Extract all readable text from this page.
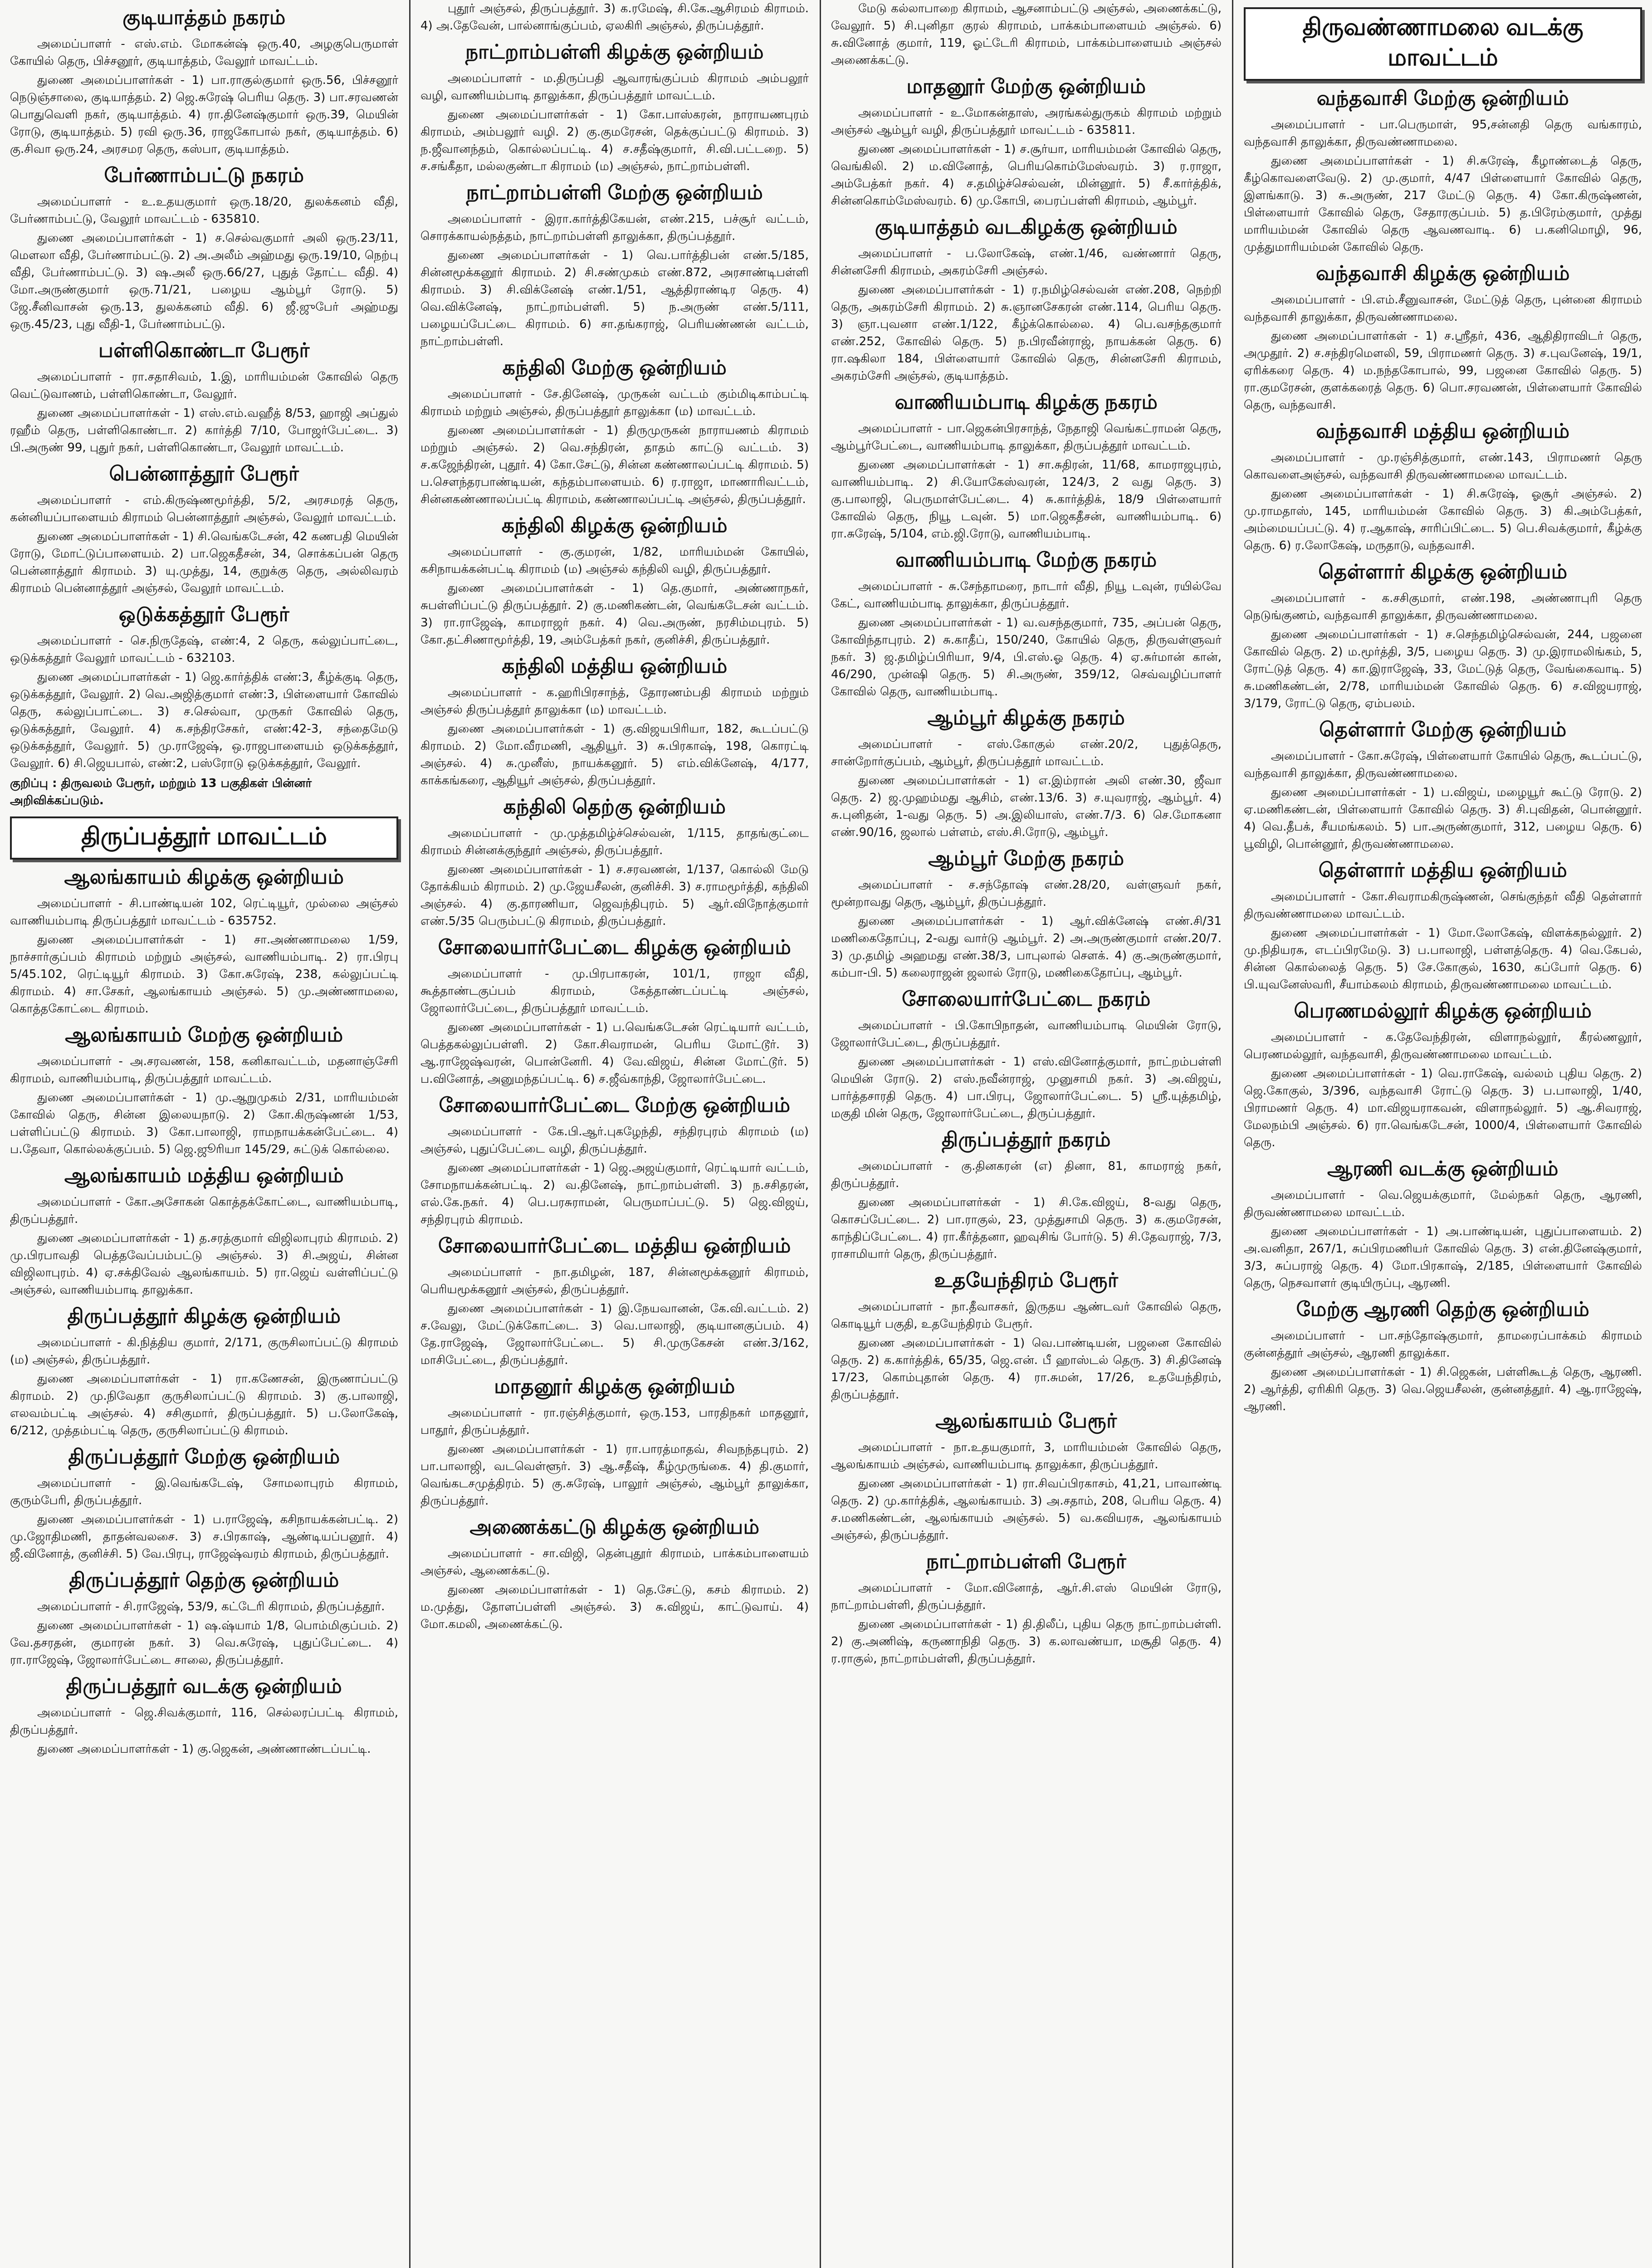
குடியாத்தம் நகரம்

அமைப்பாளர் - எஸ்.எம். மோகன்ஷ் ஒரு.40, அழகுபெருமாள் கோயில் தெரு, பிச்சனூர், குடியாத்தம், வேலூர் மாவட்டம்.

துணை அமைப்பாளர்கள் - 1) பா.ராகுல்குமார் ஒரு.56, பிச்சனூர் நெடுஞ்சாலை, குடியாத்தம். 2) ஜெ.சுரேஷ் பெரிய தெரு. 3) பா.சரவணன் பொதுவெளி நகர், குடியாத்தம். 4) ரா.தினேஷ்குமார் ஒரு.39, மெயின் ரோடு, குடியாத்தம். 5) ரவி ஒரு.36, ராஜகோபால் நகர், குடியாத்தம். 6) கு.சிவா ஒரு.24, அரசமர தெரு, கஸ்பா, குடியாத்தம்.

பேர்ணாம்பட்டு நகரம்

அமைப்பாளர் - உ.உதயகுமார் ஒரு.18/20, துலக்கனம் வீதி, பேர்ணாம்பட்டு, வேலூர் மாவட்டம் - 635810.

துணை அமைப்பாளர்கள் - 1) ச.செல்வகுமார் அலி ஒரு.23/11, மௌலா வீதி, பேர்ணாம்பட்டு. 2) அ.அலீம் அஹ்மது ஒரு.19/10, நெற்பு வீதி, பேர்ணாம்பட்டு. 3) ஷ.அலீ ஒரு.66/27, புதுத் தோட்ட வீதி. 4) மோ.அருண்குமார் ஒரு.71/21, பழைய ஆம்பூர் ரோடு. 5) ஜே.சீனிவாசன் ஒரு.13, துலக்கனம் வீதி. 6) ஜீ.ஜுபேர் அஹ்மது ஒரு.45/23, புது வீதி-1, பேர்ணாம்பட்டு.

பள்ளிகொண்டா பேரூர்

அமைப்பாளர் - ரா.சதாசிவம், 1.இ, மாரியம்மன் கோவில் தெரு வெட்டுவாணம், பள்ளிகொண்டா, வேலூர்.

துணை அமைப்பாளர்கள் - 1) எஸ்.எம்.வஹீத் 8/53, ஹாஜி அப்துல் ரஹீம் தெரு, பள்ளிகொண்டா. 2) கார்த்தி 7/10, போஜர்பேட்டை. 3) பி.அருண் 99, புதுர் நகர், பள்ளிகொண்டா, வேலூர் மாவட்டம்.

பென்னாத்தூர் பேரூர்

அமைப்பாளர் - எம்.கிருஷ்ணமூர்த்தி, 5/2, அரசமரத் தெரு, கன்னியப்பாளையம் கிராமம் பென்னாத்தூர் அஞ்சல், வேலூர் மாவட்டம்.

துணை அமைப்பாளர்கள் - 1) சி.வெங்கடேசன், 42 கணபதி மெயின் ரோடு, மோட்டுப்பாளையம். 2) பா.ஜெகதீசன், 34, சொக்கப்பன் தெரு பென்னாத்தூர் கிராமம். 3) யு.முத்து, 14, குறுக்கு தெரு, அல்லிவரம் கிராமம் பென்னாத்தூர் அஞ்சல், வேலூர் மாவட்டம்.

ஒடுக்கத்தூர் பேரூர்

அமைப்பாளர் - செ.நிருதேஷ், எண்:4, 2 தெரு, கல்லுப்பாட்டை, ஒடுக்கத்தூர் வேலூர் மாவட்டம் - 632103.

துணை அமைப்பாளர்கள் - 1) ஜெ.கார்த்திக் எண்:3, கீழ்க்குடி தெரு, ஒடுக்கத்தூர், வேலூர். 2) வெ.அஜித்குமார் எண்:3, பிள்ளையார் கோவில் தெரு, கல்லுப்பாட்டை. 3) ச.செல்வா, முருகர் கோவில் தெரு, ஒடுக்கத்தூர், வேலூர். 4) க.சந்திரசேகர், எண்:42-3, சந்தைமேடு ஒடுக்கத்தூர், வேலூர். 5) மு.ராஜேஷ், ஒ.ராஜபாளையம் ஒடுக்கத்தூர், வேலூர். 6) சி.ஜெயபால், எண்:2, பஸ்ரோடு ஒடுக்கத்தூர், வேலூர்.

குறிப்பு : திருவலம் பேரூர், மற்றும் 13 பகுதிகள் பின்னர் அறிவிக்கப்படும்.
திருப்பத்தூர் மாவட்டம்
ஆலங்காயம் கிழக்கு ஒன்றியம்

அமைப்பாளர் - சி.பாண்டியன் 102, ரெட்டியூர், முல்லை அஞ்சல் வாணியம்பாடி திருப்பத்தூர் மாவட்டம் - 635752.

துணை அமைப்பாளர்கள் - 1) சா.அண்ணாமலை 1/59, நாச்சார்குப்பம் கிராமம் மற்றும் அஞ்சல், வாணியம்பாடி. 2) ரா.பிரபு 5/45.102, ரெட்டியூர் கிராமம். 3) கோ.சுரேஷ், 238, கல்லுப்பட்டி கிராமம். 4) சா.சேகர், ஆலங்காயம் அஞ்சல். 5) மு.அண்ணாமலை, கொத்தகோட்டை கிராமம்.

ஆலங்காயம் மேற்கு ஒன்றியம்

அமைப்பாளர் - அ.சரவணன், 158, கனிகாவட்டம், மதனாஞ்சேரி கிராமம், வாணியம்பாடி, திருப்பத்தூர் மாவட்டம்.

துணை அமைப்பாளர்கள் - 1) மு.ஆறுமுகம் 2/31, மாரியம்மன் கோவில் தெரு, சின்ன இலையநாடு. 2) கோ.கிருஷ்ணன் 1/53, பள்ளிப்பட்டு கிராமம். 3) கோ.பாலாஜி, ராமநாயக்கன்பேட்டை. 4) ப.தேவா, கொல்லக்குப்பம். 5) ஜெ.ஜூரியா 145/29, சுட்டுக் கொல்லை.

ஆலங்காயம் மத்திய ஒன்றியம்

அமைப்பாளர் - கோ.அசோகன் கொத்தக்கோட்டை, வாணியம்பாடி, திருப்பத்தூர்.

துணை அமைப்பாளர்கள் - 1) த.சரத்குமார் விஜிலாபுரம் கிராமம். 2) மு.பிரபாவதி பெத்தவேப்பம்பட்டு அஞ்சல். 3) சி.அஜய், சின்ன விஜிலாபுரம். 4) ஏ.சக்திவேல் ஆலங்காயம். 5) ரா.ஜெய் வள்ளிப்பட்டு அஞ்சல், வாணியம்பாடி தாலுக்கா.

திருப்பத்தூர் கிழக்கு ஒன்றியம்

அமைப்பாளர் - கி.நித்திய குமார், 2/171, குருசிலாப்பட்டு கிராமம் (ம) அஞ்சல், திருப்பத்தூர்.

துணை அமைப்பாளர்கள் - 1) ரா.கணேசன், இருணாப்பட்டு கிராமம். 2) மு.நிவேதா குருசிலாப்பட்டு கிராமம். 3) கு.பாலாஜி, எலவம்பட்டி அஞ்சல். 4) சசிகுமார், திருப்பத்தூர். 5) ப.லோகேஷ், 6/212, முத்தம்பட்டி தெரு, குருசிலாப்பட்டு கிராமம்.

திருப்பத்தூர் மேற்கு ஒன்றியம்

அமைப்பாளர் - இ.வெங்கடேஷ், சோமலாபுரம் கிராமம், குரும்பேரி, திருப்பத்தூர்.

துணை அமைப்பாளர்கள் - 1) ப.ராஜேஷ், கசிநாயக்கன்பட்டி. 2) மு.ஜோதிமணி, தாதன்வலசை. 3) ச.பிரகாஷ், ஆண்டியப்பனூர். 4) ஜீ.வினோத், குனிச்சி. 5) வே.பிரபு, ராஜேஷ்வரம் கிராமம், திருப்பத்தூர்.

திருப்பத்தூர் தெற்கு ஒன்றியம்

அமைப்பாளர் - சி.ராஜேஷ், 53/9, கட்டேரி கிராமம், திருப்பத்தூர்.

துணை அமைப்பாளர்கள் - 1) ஷ.ஷ்யாம் 1/8, பொம்மிகுப்பம். 2) வே.தசரதன், குமாரன் நகர். 3) வெ.சுரேஷ், புதுப்பேட்டை. 4) ரா.ராஜேஷ், ஜோலார்பேட்டை சாலை, திருப்பத்தூர்.

திருப்பத்தூர் வடக்கு ஒன்றியம்

அமைப்பாளர் - ஜெ.சிவக்குமார், 116, செல்லரப்பட்டி கிராமம், திருப்பத்தூர்.

துணை அமைப்பாளர்கள் - 1) கு.ஜெகன், அண்ணாண்டப்பட்டி.

புதூர் அஞ்சல், திருப்பத்தூர். 3) க.ரமேஷ், சி.கே.ஆசிரமம் கிராமம். 4) அ.தேவேன், பால்னாங்குப்பம், ஏலகிரி அஞ்சல், திருப்பத்தூர்.

நாட்றாம்பள்ளி கிழக்கு ஒன்றியம்

அமைப்பாளர் - ம.திருப்பதி ஆவாரங்குப்பம் கிராமம் அம்பலூர் வழி, வாணியம்பாடி தாலுக்கா, திருப்பத்தூர் மாவட்டம்.

துணை அமைப்பாளர்கள் - 1) கோ.பாஸ்கரன், நாராயணபுரம் கிராமம், அம்பலூர் வழி. 2) கு.குமரேசன், தெக்குப்பட்டு கிராமம். 3) ந.ஜீவானந்தம், கொல்லப்பட்டி. 4) ச.சதீஷ்குமார், சி.வி.பட்டறை. 5) ச.சங்கீதா, மல்லகுண்டா கிராமம் (ம) அஞ்சல், நாட்றாம்பள்ளி.

நாட்றாம்பள்ளி மேற்கு ஒன்றியம்

அமைப்பாளர் - இரா.கார்த்திகேயன், எண்.215, பச்சூர் வட்டம், சொரக்காயல்நத்தம், நாட்றாம்பள்ளி தாலுக்கா, திருப்பத்தூர்.

துணை அமைப்பாளர்கள் - 1) வெ.பார்த்திபன் எண்.5/185, சின்னமூக்கனூர் கிராமம். 2) சி.சண்முகம் எண்.872, அரசாண்டிபள்ளி கிராமம். 3) சி.விக்னேஷ் எண்.1/51, ஆத்திராண்டிர தெரு. 4) வெ.விக்னேஷ், நாட்றாம்பள்ளி. 5) ந.அருண் எண்.5/111, பழையப்பேட்டை கிராமம். 6) சா.தங்கராஜ், பெரியண்ணன் வட்டம், நாட்றாம்பள்ளி.

கந்திலி மேற்கு ஒன்றியம்

அமைப்பாளர் - சே.தினேஷ், முருகன் வட்டம் கும்மிடிகாம்பட்டி கிராமம் மற்றும் அஞ்சல், திருப்பத்தூர் தாலுக்கா (ம) மாவட்டம்.

துணை அமைப்பாளர்கள் - 1) திருமுருகன் நாராயணம் கிராமம் மற்றும் அஞ்சல். 2) வெ.சந்திரன், தாதம் காட்டு வட்டம். 3) ச.கஜேந்திரன், புதூர். 4) கோ.சேட்டு, சின்ன கண்ணாலப்பட்டி கிராமம். 5) ப.சௌந்தரபாண்டியன், கந்தம்பாளையம். 6) ர.ராஜா, மாணாரிவட்டம், சின்னகண்ணாலப்பட்டி கிராமம், கண்ணாலப்பட்டி அஞ்சல், திருப்பத்தூர்.

கந்திலி கிழக்கு ஒன்றியம்

அமைப்பாளர் - கு.குமரன், 1/82, மாரியம்மன் கோயில், கசிநாயக்கன்பட்டி கிராமம் (ம) அஞ்சல் கந்திலி வழி, திருப்பத்தூர்.

துணை அமைப்பாளர்கள் - 1) தெ.குமார், அண்ணாநகர், சுபள்ளிப்பட்டு திருப்பத்தூர். 2) கு.மணிகண்டன், வெங்கடேசன் வட்டம். 3) ரா.ராஜேஷ், காமராஜர் நகர். 4) வெ.அருண், நரசிம்மபுரம். 5) கோ.தட்சிணாமூர்த்தி, 19, அம்பேத்கர் நகர், குனிச்சி, திருப்பத்தூர்.

கந்திலி மத்திய ஒன்றியம்

அமைப்பாளர் - க.ஹரிபிரசாந்த், தோரணம்பதி கிராமம் மற்றும் அஞ்சல் திருப்பத்தூர் தாலுக்கா (ம) மாவட்டம்.

துணை அமைப்பாளர்கள் - 1) கு.விஜயபிரியா, 182, கூடப்பட்டு கிராமம். 2) மோ.வீரமணி, ஆதியூர். 3) சு.பிரகாஷ், 198, கொரட்டி அஞ்சல். 4) சு.முனீஸ், நாயக்கனூர். 5) எம்.விக்னேஷ், 4/177, காக்கங்கரை, ஆதியூர் அஞ்சல், திருப்பத்தூர்.

கந்திலி தெற்கு ஒன்றியம்

அமைப்பாளர் - மு.முத்தமிழ்ச்செல்வன், 1/115, தாதங்குட்டை கிராமம் சின்னக்குந்தூர் அஞ்சல், திருப்பத்தூர்.

துணை அமைப்பாளர்கள் - 1) ச.சரவணன், 1/137, கொல்லி மேடு தோக்கியம் கிராமம். 2) மு.ஜேயசீலன், குனிச்சி. 3) ச.ராமமூர்த்தி, கந்திலி அஞ்சல். 4) கு.தாரணியா, ஜெவந்திபுரம். 5) ஆர்.விநோத்குமார் எண்.5/35 பெரும்பட்டு கிராமம், திருப்பத்தூர்.

சோலையார்பேட்டை கிழக்கு ஒன்றியம்

அமைப்பாளர் - மு.பிரபாகரன், 101/1, ராஜா வீதி, கூத்தாண்டகுப்பம் கிராமம், கேத்தாண்டப்பட்டி அஞ்சல், ஜோலார்பேட்டை, திருப்பத்தூர் மாவட்டம்.

துணை அமைப்பாளர்கள் - 1) ப.வெங்கடேசன் ரெட்டியார் வட்டம், பெத்தகல்லுப்பள்ளி. 2) கோ.சிவராமன், பெரிய மோட்டூர். 3) ஆ.ராஜேஷ்வரன், பொன்னேரி. 4) வே.விஜய், சின்ன மோட்டூர். 5) ப.வினோத், அனுமந்தப்பட்டி. 6) ச.ஜீவ்காந்தி, ஜோலார்பேட்டை.

சோலையார்பேட்டை மேற்கு ஒன்றியம்

அமைப்பாளர் - கே.பி.ஆர்.புகழேந்தி, சந்திரபுரம் கிராமம் (ம) அஞ்சல், புதுப்பேட்டை வழி, திருப்பத்தூர்.

துணை அமைப்பாளர்கள் - 1) ஜெ.அஜய்குமார், ரெட்டியார் வட்டம், சோமநாயக்கன்பட்டி. 2) வ.தினேஷ், நாட்றாம்பள்ளி. 3) ந.சசிதரன், எல்.கே.நகர். 4) பெ.பரசுராமன், பெருமாப்பட்டு. 5) ஜெ.விஜய், சந்திரபுரம் கிராமம்.

சோலையார்பேட்டை மத்திய ஒன்றியம்

அமைப்பாளர் - நா.தமிழன், 187, சின்னமூக்கனூர் கிராமம், பெரியமூக்கனூர் அஞ்சல், திருப்பத்தூர்.

துணை அமைப்பாளர்கள் - 1) இ.நேயவானன், கே.வி.வட்டம். 2) ச.வேலு, மேட்டுக்கோட்டை. 3) வெ.பாலாஜி, குடியானகுப்பம். 4) தே.ராஜேஷ், ஜோலார்பேட்டை. 5) சி.முருகேசன் எண்.3/162, மாசிபேட்டை, திருப்பத்தூர்.

மாதனூர் கிழக்கு ஒன்றியம்

அமைப்பாளர் - ரா.ரஞ்சித்குமார், ஒரு.153, பாரதிநகர் மாதனூர், பாதூர், திருப்பத்தூர்.

துணை அமைப்பாளர்கள் - 1) ரா.பாரத்மாதவ், சிவநந்தபுரம். 2) பா.பாலாஜி, வடவெள்ளூர். 3) ஆ.சதீஷ், கீழ்முருங்கை. 4) தி.குமார், வெங்கடசமுத்திரம். 5) கு.சுரேஷ், பாலூர் அஞ்சல், ஆம்பூர் தாலுக்கா, திருப்பத்தூர்.

அணைக்கட்டு கிழக்கு ஒன்றியம்

அமைப்பாளர் - சா.விஜி, தென்புதூர் கிராமம், பாக்கம்பாளையம் அஞ்சல், ஆணைக்கட்டு.

துணை அமைப்பாளர்கள் - 1) தெ.சேட்டு, கசம் கிராமம். 2) ம.முத்து, தோளப்பள்ளி அஞ்சல். 3) சு.விஜய், காட்டுவாய். 4) மோ.கமலி, அணைக்கட்டு.

மேடு கல்லாபாறை கிராமம், ஆசனாம்பட்டு அஞ்சல், அணைக்கட்டு, வேலூர். 5) சி.புனிதா குரல் கிராமம், பாக்கம்பாளையம் அஞ்சல். 6) சு.வினோத் குமார், 119, ஓட்டேரி கிராமம், பாக்கம்பாளையம் அஞ்சல் அணைக்கட்டு.

மாதனூர் மேற்கு ஒன்றியம்

அமைப்பாளர் - உ.மோகன்தாஸ், அரங்கல்துருகம் கிராமம் மற்றும் அஞ்சல் ஆம்பூர் வழி, திருப்பத்தூர் மாவட்டம் - 635811.

துணை அமைப்பாளர்கள் - 1) ச.சூர்யா, மாரியம்மன் கோவில் தெரு, வெங்கிலி. 2) ம.வினோத், பெரியகொம்மேஸ்வரம். 3) ர.ராஜா, அம்பேத்கர் நகர். 4) ச.தமிழ்ச்செல்வன், மின்னூர். 5) சீ.கார்த்திக், சின்னகொம்மேஸ்வரம். 6) மு.கோபி, பைரப்பள்ளி கிராமம், ஆம்பூர்.

குடியாத்தம் வடகிழக்கு ஒன்றியம்

அமைப்பாளர் - ப.லோகேஷ், எண்.1/46, வண்ணார் தெரு, சின்னசேரி கிராமம், அகரம்சேரி அஞ்சல்.

துணை அமைப்பாளர்கள் - 1) ர.நமிழ்செல்வன் எண்.208, நெற்றி தெரு, அகரம்சேரி கிராமம். 2) சு.ஞானசேகரன் எண்.114, பெரிய தெரு. 3) ஞா.புவனா எண்.1/122, கீழ்க்கொல்லை. 4) பெ.வசந்தகுமார் எண்.252, கோவில் தெரு. 5) ந.பிரவீன்ராஜ், நாயக்கன் தெரு. 6) ரா.ஷகிலா 184, பிள்ளையார் கோவில் தெரு, சின்னசேரி கிராமம், அகரம்சேரி அஞ்சல், குடியாத்தம்.

வாணியம்பாடி கிழக்கு நகரம்

அமைப்பாளர் - பா.ஜெகன்பிரசாந்த், நேதாஜி வெங்கட்ராமன் தெரு, ஆம்பூர்பேட்டை, வாணியம்பாடி தாலுக்கா, திருப்பத்தூர் மாவட்டம்.

துணை அமைப்பாளர்கள் - 1) சா.சுதிரன், 11/68, காமராஜபுரம், வாணியம்பாடி. 2) சி.யோகேஸ்வரன், 124/3, 2 வது தெரு. 3) கு.பாலாஜி, பெருமாள்பேட்டை. 4) சு.கார்த்திக், 18/9 பிள்ளையார் கோவில் தெரு, நியூ டவுன். 5) மா.ஜெகதீசன், வாணியம்பாடி. 6) ரா.சுரேஷ், 5/104, எம்.ஜி.ரோடு, வாணியம்பாடி.

வாணியம்பாடி மேற்கு நகரம்

அமைப்பாளர் - சு.சேந்தாமரை, நாடார் வீதி, நியூ டவுன், ரயில்வே கேட், வாணியம்பாடி தாலுக்கா, திருப்பத்தூர்.

துணை அமைப்பாளர்கள் - 1) வ.வசந்தகுமார், 735, அப்பன் தெரு, கோவிந்தாபுரம். 2) சு.காதீப், 150/240, கோயில் தெரு, திருவள்ளுவர் நகர். 3) ஜ.தமிழ்ப்பிரியா, 9/4, பி.எஸ்.ஓ தெரு. 4) ஏ.சுர்மான் கான், 46/290, முன்ஷி தெரு. 5) சி.அருண், 359/12, செவ்வழிப்பாளர் கோவில் தெரு, வாணியம்பாடி.

ஆம்பூர் கிழக்கு நகரம்

அமைப்பாளர் - எஸ்.கோகுல் எண்.20/2, புதுத்தெரு, சான்றோர்குப்பம், ஆம்பூர், திருப்பத்தூர் மாவட்டம்.

துணை அமைப்பாளர்கள் - 1) எ.இம்ரான் அலி எண்.30, ஜீவா தெரு. 2) ஜ.முஹம்மது ஆசிம், எண்.13/6. 3) ச.யுவராஜ், ஆம்பூர். 4) சு.புனிதன், 1-வது தெரு. 5) அ.இலியாஸ், எண்.7/3. 6) செ.மோகனா எண்.90/16, ஜலால் பள்ளம், எஸ்.சி.ரோடு, ஆம்பூர்.

ஆம்பூர் மேற்கு நகரம்

அமைப்பாளர் - ச.சந்தோஷ் எண்.28/20, வள்ளுவர் நகர், மூன்றாவது தெரு, ஆம்பூர், திருப்பத்தூர்.

துணை அமைப்பாளர்கள் - 1) ஆர்.விக்னேஷ் எண்.சி/31 மணிகைதோப்பு, 2-வது வார்டு ஆம்பூர். 2) அ.அருண்குமார் எண்.20/7. 3) மு.தமிழ் அஹமது எண்.38/3, பாபுலால் சௌக். 4) கு.அருண்குமார், கம்பா-பி. 5) கலைராஜன் ஜலால் ரோடு, மணிகைதோப்பு, ஆம்பூர்.

சோலையார்பேட்டை நகரம்

அமைப்பாளர் - பி.கோபிநாதன், வாணியம்பாடி மெயின் ரோடு, ஜோலார்பேட்டை, திருப்பத்தூர்.

துணை அமைப்பாளர்கள் - 1) எஸ்.வினோத்குமார், நாட்றம்பள்ளி மெயின் ரோடு. 2) எஸ்.நவீன்ராஜ், முனுசாமி நகர். 3) அ.விஜய், பார்த்தசாரதி தெரு. 4) பா.பிரபு, ஜோலார்பேட்டை. 5) ஸ்ரீ.யுத்தமிழ், மகுதி மின் தெரு, ஜோலார்பேட்டை, திருப்பத்தூர்.

திருப்பத்தூர் நகரம்

அமைப்பாளர் - கு.தினகரன் (எ) தினா, 81, காமராஜ் நகர், திருப்பத்தூர்.

துணை அமைப்பாளர்கள் - 1) சி.கே.விஜய், 8-வது தெரு, கொசப்பேட்டை. 2) பா.ராகுல், 23, முத்துசாமி தெரு. 3) க.குமரேசன், காந்திப்பேட்டை. 4) ரா.கீர்த்தனா, ஹவுசிங் போர்டு. 5) சி.தேவராஜ், 7/3, ராசாமியார் தெரு, திருப்பத்தூர்.

உதயேந்திரம் பேரூர்

அமைப்பாளர் - நா.தீவாசகர், இருதய ஆண்டவர் கோவில் தெரு, கொடியூர் பகுதி, உதயேந்திரம் பேரூர்.

துணை அமைப்பாளர்கள் - 1) வெ.பாண்டியன், பஜனை கோவில் தெரு. 2) க.கார்த்திக், 65/35, ஜெ.என். பீ ஹாஸ்டல் தெரு. 3) சி.தினேஷ் 17/23, கொம்புதான் தெரு. 4) ரா.சுமன், 17/26, உதயேந்திரம், திருப்பத்தூர்.

ஆலங்காயம் பேரூர்

அமைப்பாளர் - நா.உதயகுமார், 3, மாரியம்மன் கோவில் தெரு, ஆலங்காயம் அஞ்சல், வாணியம்பாடி தாலுக்கா, திருப்பத்தூர்.

துணை அமைப்பாளர்கள் - 1) ரா.சிவப்பிரகாசம், 41,21, பாவாண்டி தெரு. 2) மு.கார்த்திக், ஆலங்காயம். 3) அ.சதாம், 208, பெரிய தெரு. 4) ச.மணிகண்டன், ஆலங்காயம் அஞ்சல். 5) வ.கவியரசு, ஆலங்காயம் அஞ்சல், திருப்பத்தூர்.

நாட்றாம்பள்ளி பேரூர்

அமைப்பாளர் - மோ.வினோத், ஆர்.சி.எஸ் மெயின் ரோடு, நாட்றாம்பள்ளி, திருப்பத்தூர்.

துணை அமைப்பாளர்கள் - 1) தி.திலீப், புதிய தெரு நாட்றாம்பள்ளி. 2) கு.அணிஷ், கருணாநிதி தெரு. 3) க.லாவண்யா, மசூதி தெரு. 4) ர.ராகுல், நாட்றாம்பள்ளி, திருப்பத்தூர்.

திருவண்ணாமலை வடக்கு மாவட்டம்
வந்தவாசி மேற்கு ஒன்றியம்

அமைப்பாளர் - பா.பெருமாள், 95,சன்னதி தெரு வங்காரம், வந்தவாசி தாலுக்கா, திருவண்ணாமலை.

துணை அமைப்பாளர்கள் - 1) சி.சுரேஷ், கீழாண்டைத் தெரு, கீழ்கொவளைவேடு. 2) மு.குமார், 4/47 பிள்ளையார் கோவில் தெரு, இளங்காடு. 3) சு.அருண், 217 மேட்டு தெரு. 4) கோ.கிருஷ்ணன், பிள்ளையார் கோவில் தெரு, சேதாரகுப்பம். 5) த.பிரேம்குமார், முத்து மாரியம்மன் கோவில் தெரு ஆவணவாடி. 6) ப.கனிமொழி, 96, முத்துமாரியம்மன் கோவில் தெரு.

வந்தவாசி கிழக்கு ஒன்றியம்

அமைப்பாளர் - பி.எம்.சீனுவாசன், மேட்டுத் தெரு, புன்னை கிராமம் வந்தவாசி தாலுக்கா, திருவண்ணாமலை.

துணை அமைப்பாளர்கள் - 1) ச.ஸ்ரீதர், 436, ஆதிதிராவிடர் தெரு, அமுதூர். 2) ச.சந்திரமௌலி, 59, பிராமணர் தெரு. 3) ச.புவனேஷ், 19/1, ஏரிக்கரை தெரு. 4) ம.நந்தகோபால், 99, பஜனை கோவில் தெரு. 5) ரா.குமரேசன், குளக்கரைத் தெரு. 6) பொ.சரவணன், பிள்ளையார் கோவில் தெரு, வந்தவாசி.

வந்தவாசி மத்திய ஒன்றியம்

அமைப்பாளர் - மு.ரஞ்சித்குமார், எண்.143, பிராமணர் தெரு கொவளைஅஞ்சல், வந்தவாசி திருவண்ணாமலை மாவட்டம்.

துணை அமைப்பாளர்கள் - 1) சி.சுரேஷ், ஓசூர் அஞ்சல். 2) மு.ராமதாஸ், 145, மாரியம்மன் கோவில் தெரு. 3) கி.அம்பேத்கர், அம்மையப்பட்டு. 4) ர.ஆகாஷ், சாரிப்பிட்டை. 5) பெ.சிவக்குமார், கீழ்க்கு தெரு. 6) ர.லோகேஷ், மருதாடு, வந்தவாசி.

தெள்ளார் கிழக்கு ஒன்றியம்

அமைப்பாளர் - க.சசிகுமார், எண்.198, அண்ணாபுரி தெரு நெடுங்குணம், வந்தவாசி தாலுக்கா, திருவண்ணாமலை.

துணை அமைப்பாளர்கள் - 1) ச.செந்தமிழ்செல்வன், 244, பஜனை கோவில் தெரு. 2) ம.மூர்த்தி, 3/5, பழைய தெரு. 3) மு.இராமலிங்கம், 5, ரோட்டுத் தெரு. 4) கா.இராஜேஷ், 33, மேட்டுத் தெரு, வேங்கைவாடி. 5) சு.மணிகண்டன், 2/78, மாரியம்மன் கோவில் தெரு. 6) ச.விஜயராஜ், 3/179, ரோட்டு தெரு, ஏம்பலம்.

தெள்ளார் மேற்கு ஒன்றியம்

அமைப்பாளர் - கோ.சுரேஷ், பிள்ளையார் கோயில் தெரு, கூடப்பட்டு, வந்தவாசி தாலுக்கா, திருவண்ணாமலை.

துணை அமைப்பாளர்கள் - 1) ப.விஜய், மழையூர் கூட்டு ரோடு. 2) ஏ.மணிகண்டன், பிள்ளையார் கோவில் தெரு. 3) சி.புவிதன், பொன்னூர். 4) வெ.தீபக், சீயமங்கலம். 5) பா.அருண்குமார், 312, பழைய தெரு. 6) பூவிழி, பொன்னூர், திருவண்ணாமலை.

தெள்ளார் மத்திய ஒன்றியம்

அமைப்பாளர் - கோ.சிவராமகிருஷ்ணன், செங்குந்தர் வீதி தெள்ளார் திருவண்ணாமலை மாவட்டம்.

துணை அமைப்பாளர்கள் - 1) மோ.லோகேஷ், விளக்கநல்லூர். 2) மு.நிதியரசு, எடப்பிரமேடு. 3) ப.பாலாஜி, பள்ளத்தெரு. 4) வெ.கேபல், சின்ன கொல்லைத் தெரு. 5) சே.கோகுல், 1630, கப்போர் தெரு. 6) பி.யுவனேஸ்வரி, சீயாம்கலம் கிராமம், திருவண்ணாமலை மாவட்டம்.

பெரணமல்லூர் கிழக்கு ஒன்றியம்

அமைப்பாளர் - க.தேவேந்திரன், விளாநல்லூர், கீரல்ணலூர், பெரணமல்லூர், வந்தவாசி, திருவண்ணாமலை மாவட்டம்.

துணை அமைப்பாளர்கள் - 1) வெ.ராகேஷ், வல்லம் புதிய தெரு. 2) ஜெ.கோகுல், 3/396, வந்தவாசி ரோட்டு தெரு. 3) ப.பாலாஜி, 1/40, பிராமணர் தெரு. 4) மா.விஜயராகவன், விளாநல்லூர். 5) ஆ.சிவராஜ், மேலநம்பி அஞ்சல். 6) ரா.வெங்கடேசன், 1000/4, பிள்ளையார் கோவில் தெரு.

ஆரணி வடக்கு ஒன்றியம்

அமைப்பாளர் - வெ.ஜெயக்குமார், மேல்நகர் தெரு, ஆரணி, திருவண்ணாமலை மாவட்டம்.

துணை அமைப்பாளர்கள் - 1) அ.பாண்டியன், புதுப்பாளையம். 2) அ.வனிதா, 267/1, சுப்பிரமணியர் கோவில் தெரு. 3) என்.தினேஷ்குமார், 3/3, சுப்பராஜ் தெரு. 4) மோ.பிரகாஷ், 2/185, பிள்ளையார் கோவில் தெரு, நெசவாளர் குடியிருப்பு, ஆரணி.

மேற்கு ஆரணி தெற்கு ஒன்றியம்

அமைப்பாளர் - பா.சந்தோஷ்குமார், தாமரைப்பாக்கம் கிராமம் குன்னத்தூர் அஞ்சல், ஆரணி தாலுக்கா.

துணை அமைப்பாளர்கள் - 1) சி.ஜெகன், பள்ளிகூடத் தெரு, ஆரணி. 2) ஆர்த்தி, ஏரிகிரி தெரு. 3) வெ.ஜெயசீலன், குன்னத்தூர். 4) ஆ.ராஜேஷ், ஆரணி.
